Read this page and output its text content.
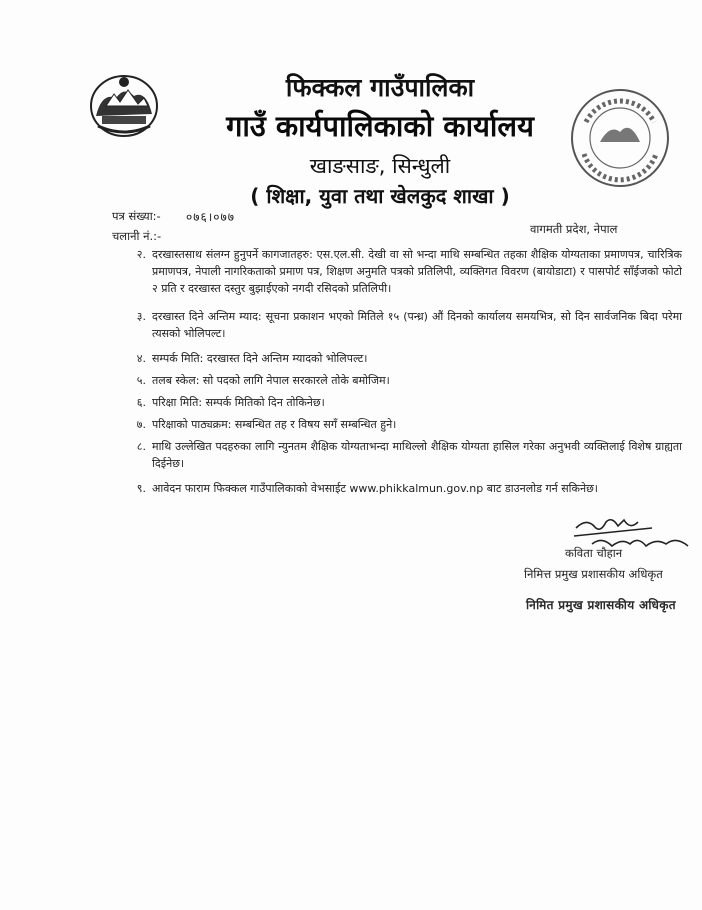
फिक्कल गाउँपालिका
गाउँ कार्यपालिकाको कार्यालय
खाङसाङ, सिन्धुली
( शिक्षा, युवा तथा खेलकुद शाखा )
पत्र संख्या:- ०७६।०७७
चलानी नं.:-	वागमती प्रदेश, नेपाल
२. दरखास्तसाथ संलग्न हुनुपर्ने कागजातहरु: एस.एल.सी. देखी वा सो भन्दा माथि सम्बन्धित तहका शैक्षिक योग्यताका प्रमाणपत्र, चारित्रिक प्रमाणपत्र, नेपाली नागरिकताको प्रमाण पत्र, शिक्षण अनुमति पत्रको प्रतिलिपी, व्यक्तिगत विवरण (बायोडाटा) र पासपोर्ट साँईजको फोटो २ प्रति र दरखास्त दस्तुर बुझाईएको नगदी रसिदको प्रतिलिपी।
३. दरखास्त दिने अन्तिम म्याद: सूचना प्रकाशन भएको मितिले १५ (पन्ध्र) औं दिनको कार्यालय समयभित्र, सो दिन सार्वजनिक बिदा परेमा त्यसको भोलिपल्ट।
४. सम्पर्क मिति: दरखास्त दिने अन्तिम म्यादको भोलिपल्ट।
५. तलब स्केल: सो पदको लागि नेपाल सरकारले तोके बमोजिम।
६. परिक्षा मिति: सम्पर्क मितिको दिन तोकिनेछ।
७. परिक्षाको पाठ्यक्रम: सम्बन्धित तह र विषय सगँ सम्बन्धित हुने।
८. माथि उल्लेखित पदहरुका लागि न्युनतम शैक्षिक योग्यताभन्दा माथिल्लो शैक्षिक योग्यता हासिल गरेका अनुभवी व्यक्तिलाई विशेष ग्राह्यता दिईनेछ।
९. आवेदन फाराम फिक्कल गाउँपालिकाको वेभसाईट www.phikkalmun.gov.np बाट डाउनलोड गर्न सकिनेछ।
कविता चौहान
निमित्त प्रमुख प्रशासकीय अधिकृत
निमित प्रमुख प्रशासकीय अधिकृत
